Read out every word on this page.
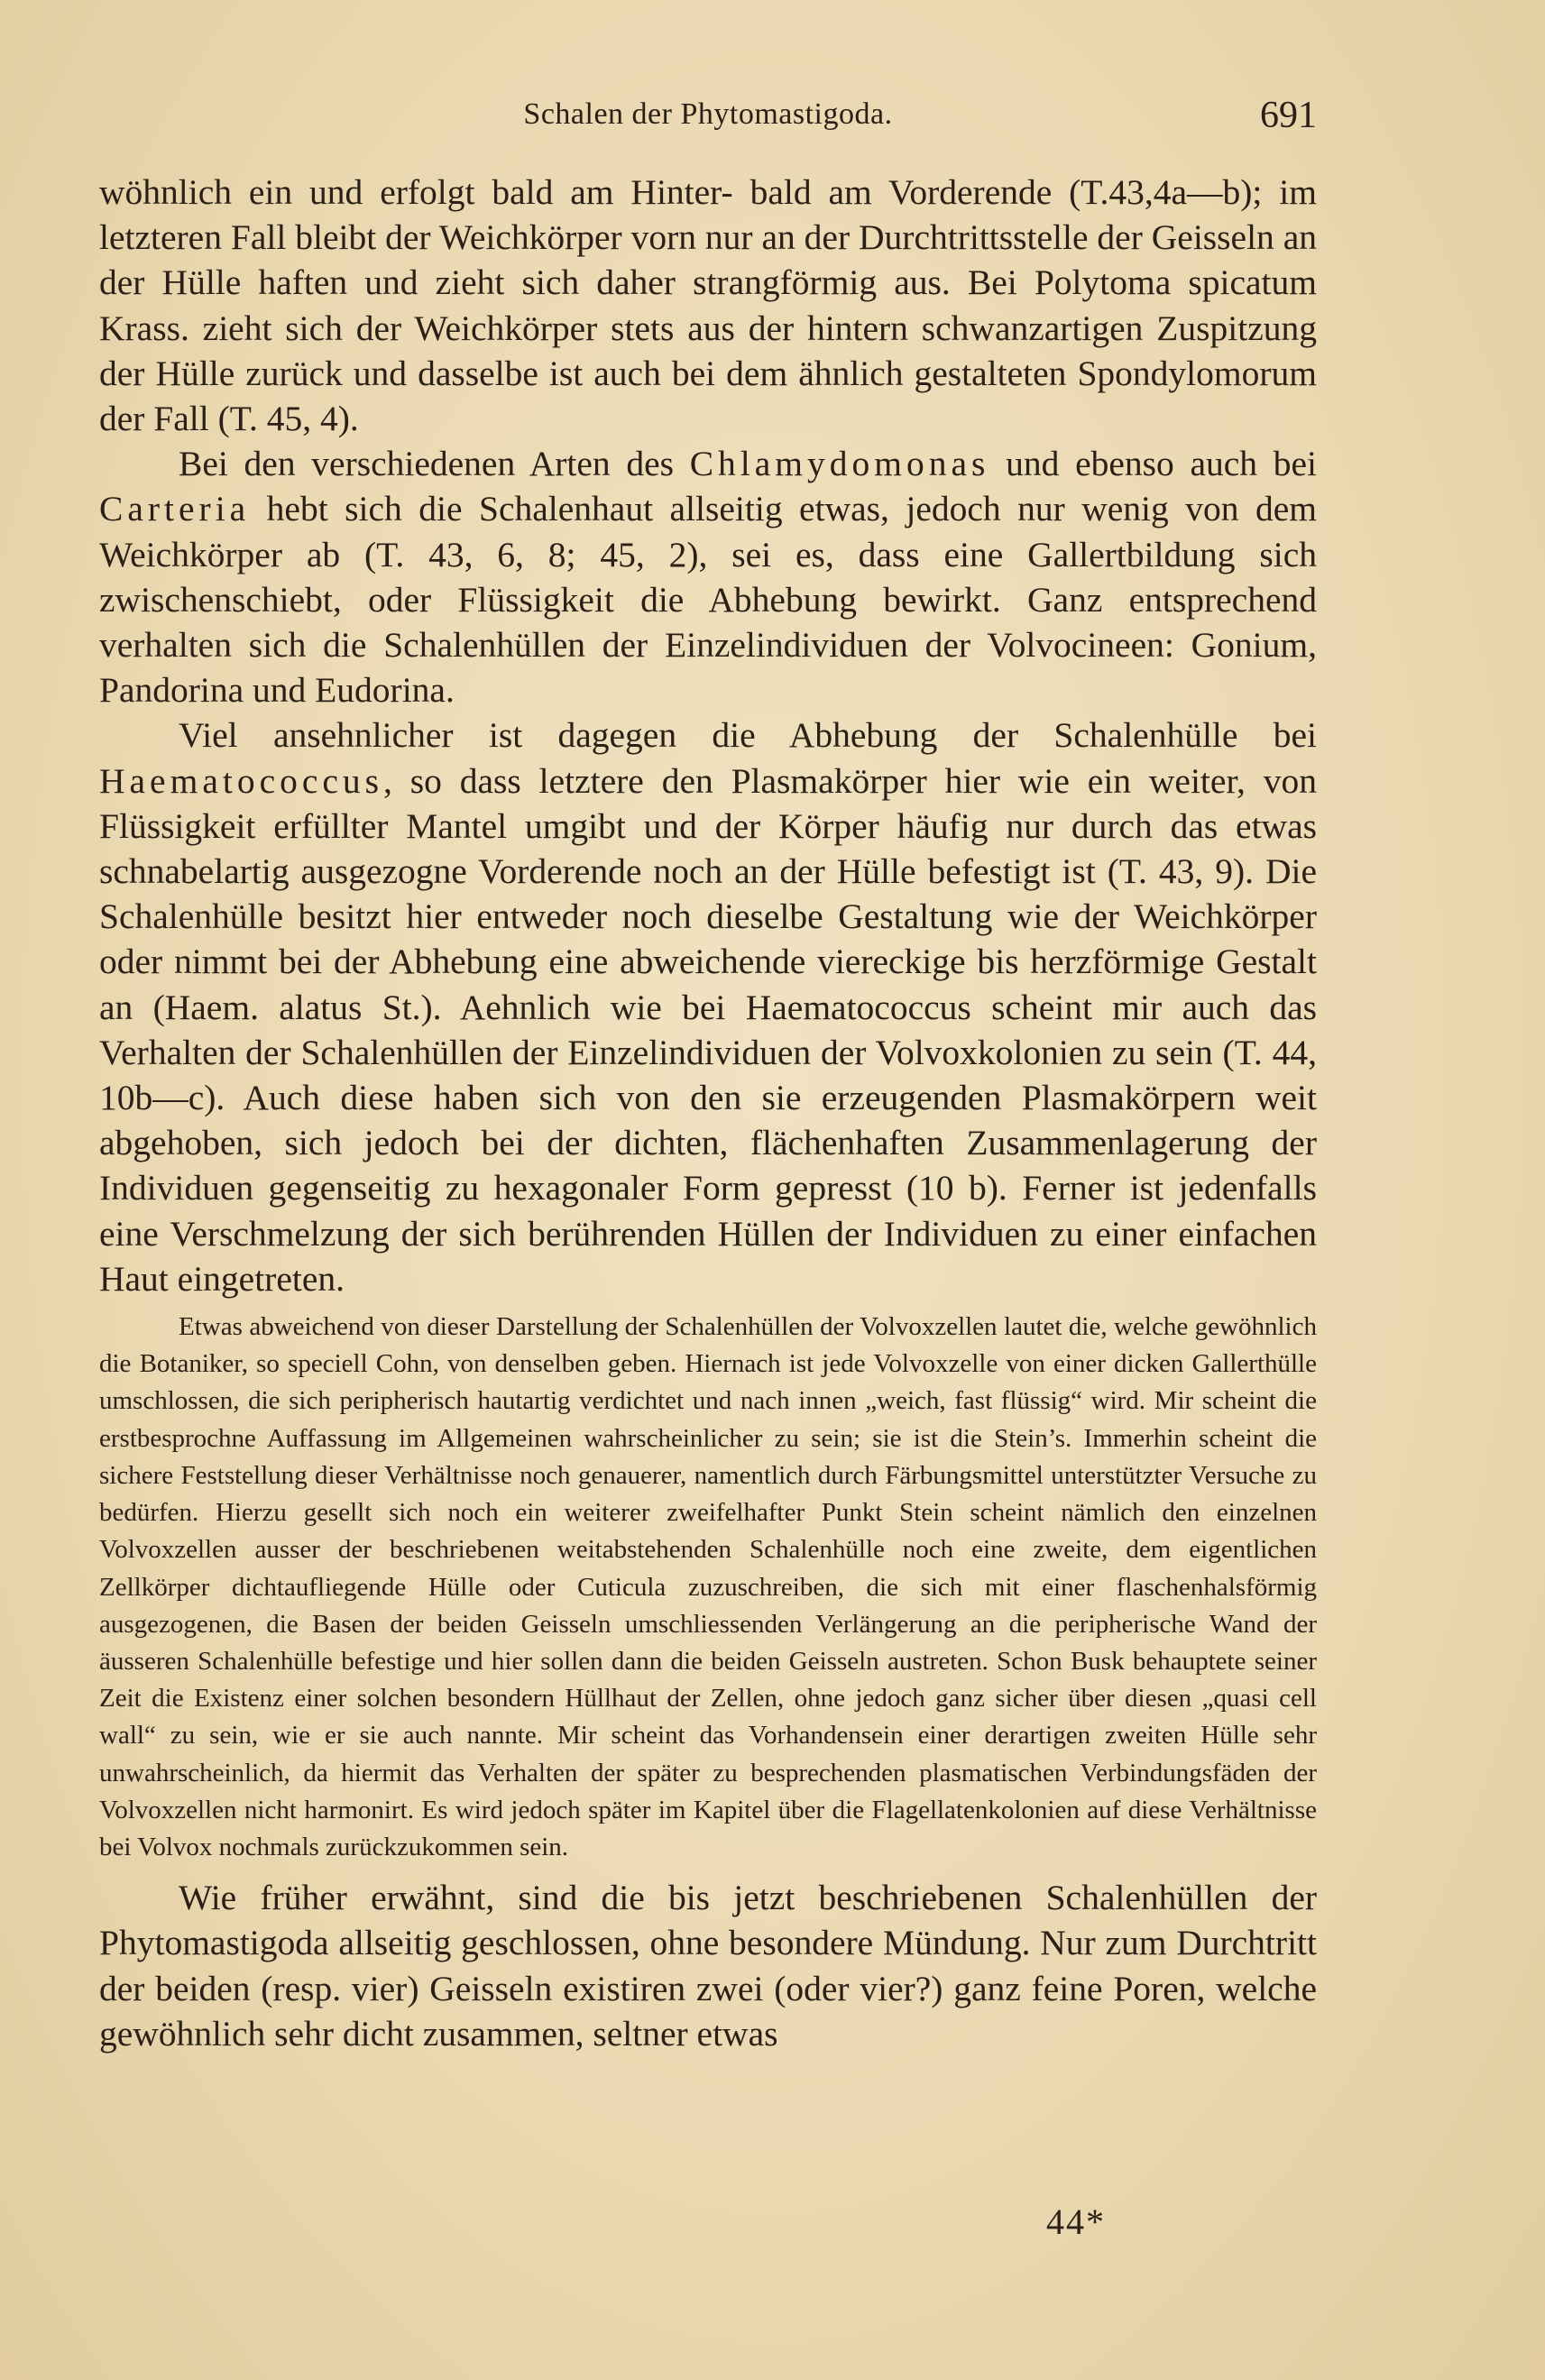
Schalen der Phytomastigoda.	691

wöhnlich ein und erfolgt bald am Hinter- bald am Vorderende (T.43,4a—b); im letzteren Fall bleibt der Weichkörper vorn nur an der Durchtrittsstelle der Geisseln an der Hülle haften und zieht sich daher strangförmig aus. Bei Polytoma spicatum Krass. zieht sich der Weichkörper stets aus der hintern schwanzartigen Zuspitzung der Hülle zurück und dasselbe ist auch bei dem ähnlich gestalteten Spondylomorum der Fall (T. 45, 4).

Bei den verschiedenen Arten des Chlamydomonas und ebenso auch bei Carteria hebt sich die Schalenhaut allseitig etwas, jedoch nur wenig von dem Weichkörper ab (T. 43, 6, 8; 45, 2), sei es, dass eine Gallertbildung sich zwischenschiebt, oder Flüssigkeit die Abhebung bewirkt. Ganz entsprechend verhalten sich die Schalenhüllen der Einzelindividuen der Volvocineen: Gonium, Pandorina und Eudorina.

Viel ansehnlicher ist dagegen die Abhebung der Schalenhülle bei Haematococcus, so dass letztere den Plasmakörper hier wie ein weiter, von Flüssigkeit erfüllter Mantel umgibt und der Körper häufig nur durch das etwas schnabelartig ausgezogne Vorderende noch an der Hülle befestigt ist (T. 43, 9). Die Schalenhülle besitzt hier entweder noch dieselbe Gestaltung wie der Weichkörper oder nimmt bei der Abhebung eine abweichende viereckige bis herzförmige Gestalt an (Haem. alatus St.). Aehnlich wie bei Haematococcus scheint mir auch das Verhalten der Schalenhüllen der Einzelindividuen der Volvoxkolonien zu sein (T. 44, 10b—c). Auch diese haben sich von den sie erzeugenden Plasmakörpern weit abgehoben, sich jedoch bei der dichten, flächenhaften Zusammenlagerung der Individuen gegenseitig zu hexagonaler Form gepresst (10 b). Ferner ist jedenfalls eine Verschmelzung der sich berührenden Hüllen der Individuen zu einer einfachen Haut eingetreten.

Etwas abweichend von dieser Darstellung der Schalenhüllen der Volvoxzellen lautet die, welche gewöhnlich die Botaniker, so speciell Cohn, von denselben geben. Hiernach ist jede Volvoxzelle von einer dicken Gallerthülle umschlossen, die sich peripherisch hautartig verdichtet und nach innen „weich, fast flüssig“ wird. Mir scheint die erstbesprochne Auffassung im Allgemeinen wahrscheinlicher zu sein; sie ist die Stein’s. Immerhin scheint die sichere Feststellung dieser Verhältnisse noch genauerer, namentlich durch Färbungsmittel unterstützter Versuche zu bedürfen. Hierzu gesellt sich noch ein weiterer zweifelhafter Punkt Stein scheint nämlich den einzelnen Volvoxzellen ausser der beschriebenen weitabstehenden Schalenhülle noch eine zweite, dem eigentlichen Zellkörper dichtaufliegende Hülle oder Cuticula zuzuschreiben, die sich mit einer flaschenhalsförmig ausgezogenen, die Basen der beiden Geisseln umschliessenden Verlängerung an die peripherische Wand der äusseren Schalenhülle befestige und hier sollen dann die beiden Geisseln austreten. Schon Busk behauptete seiner Zeit die Existenz einer solchen besondern Hüllhaut der Zellen, ohne jedoch ganz sicher über diesen „quasi cell wall“ zu sein, wie er sie auch nannte. Mir scheint das Vorhandensein einer derartigen zweiten Hülle sehr unwahrscheinlich, da hiermit das Verhalten der später zu besprechenden plasmatischen Verbindungsfäden der Volvoxzellen nicht harmonirt. Es wird jedoch später im Kapitel über die Flagellatenkolonien auf diese Verhältnisse bei Volvox nochmals zurückzukommen sein.

Wie früher erwähnt, sind die bis jetzt beschriebenen Schalenhüllen der Phytomastigoda allseitig geschlossen, ohne besondere Mündung. Nur zum Durchtritt der beiden (resp. vier) Geisseln existiren zwei (oder vier?) ganz feine Poren, welche gewöhnlich sehr dicht zusammen, seltner etwas

44*
